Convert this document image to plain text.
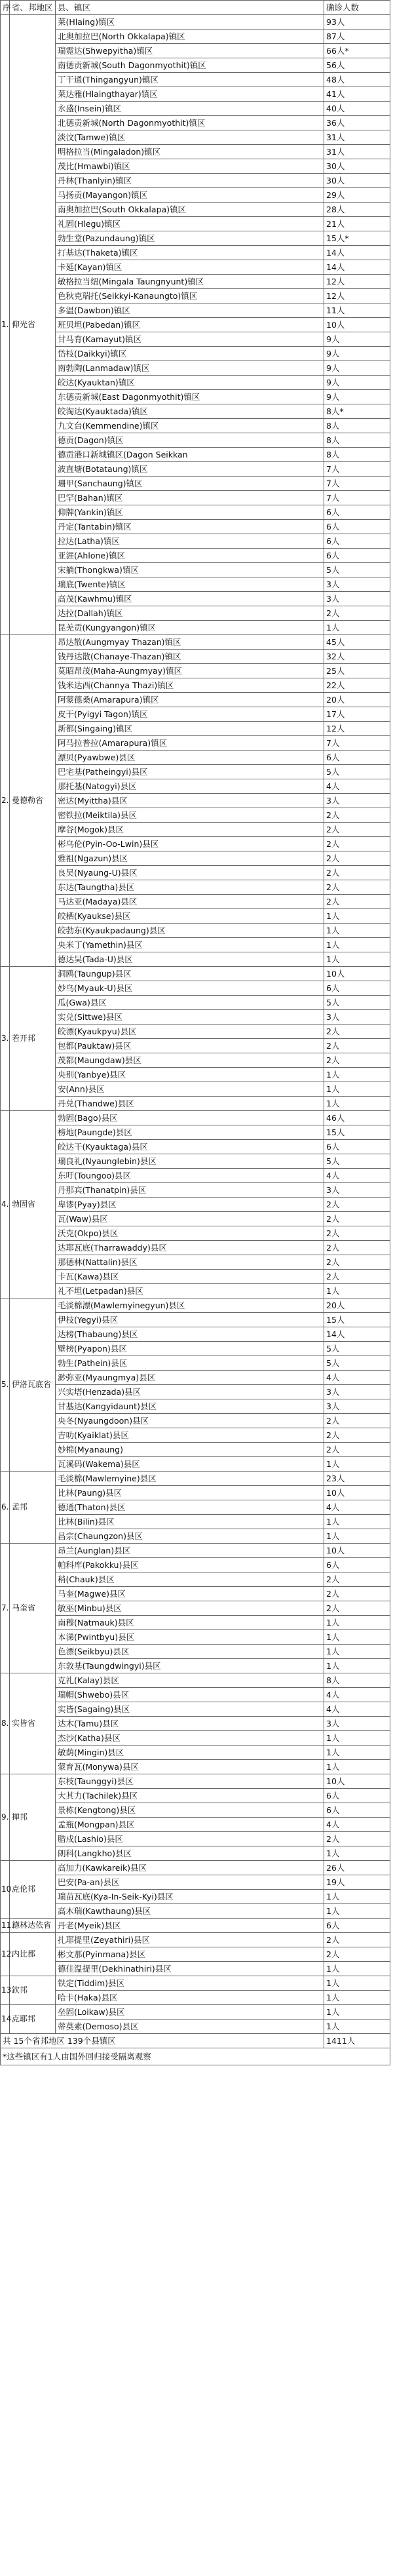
序	省、邦地区	县、镇区	确诊人数
1.	仰光省	莱(Hlaing)镇区	93人
		北奥加拉巴(North Okkalapa)镇区	87人
		瑞霓达(Shwepyitha)镇区	66人*
		南德贡新城(South Dagonmyothit)镇区	56人
		丁干通(Thingangyun)镇区	48人
		莱达雅(Hlaingthayar)镇区	41人
		永盛(Insein)镇区	40人
		北德贡新城(North Dagonmyothit)镇区	36人
		淡汶(Tamwe)镇区	31人
		明格拉当(Mingaladon)镇区	31人
		茂比(Hmawbi)镇区	30人
		丹林(Thanlyin)镇区	30人
		马扬贡(Mayangon)镇区	29人
		南奥加拉巴(South Okkalapa)镇区	28人
		礼固(Hlegu)镇区	21人
		勃生堂(Pazundaung)镇区	15人*
		打基达(Thaketa)镇区	14人
		卡延(Kayan)镇区	14人
		敏格拉当纽(Mingala Taungnyunt)镇区	12人
		色秋克瑞托(Seikkyi-Kanaungto)镇区	12人
		多温(Dawbon)镇区	11人
		班贝坦(Pabedan)镇区	10人
		甘马育(Kamayut)镇区	9人
		岱枝(Daikkyi)镇区	9人
		南勃陶(Lanmadaw)镇区	9人
		皎达(Kyauktan)镇区	9人
		东德贡新城(East Dagonmyothit)镇区	9人
		皎淘达(Kyauktada)镇区	8人*
		九文台(Kemmendine)镇区	8人
		德贡(Dagon)镇区	8人
		德贡港口新城镇区(Dagon Seikkan	8人
		波直塘(Botataung)镇区	7人
		珊甲(Sanchaung)镇区	7人
		巴罕(Bahan)镇区	7人
		仰牌(Yankin)镇区	6人
		丹定(Tantabin)镇区	6人
		拉达(Latha)镇区	6人
		亚涯(Ahlone)镇区	6人
		宋躺(Thongkwa)镇区	5人
		瑞底(Twente)镇区	3人
		高茂(Kawhmu)镇区	3人
		达拉(Dallah)镇区	2人
		昆羌贡(Kungyangon)镇区	1人
2.	曼德勒省	昂达散(Aungmyay Thazan)镇区	45人
		钱丹达散(Chanaye-Thazan)镇区	32人
		莫昭昂茂(Maha-Aungmyay)镇区	25人
		钱米达西(Channya Thazi)镇区	22人
		阿蒙德桑(Amarapura)镇区	20人
		皮干(Pyigyi Tagon)镇区	17人
		新都(Singaing)镇区	12人
		阿马拉普拉(Amarapura)镇区	7人
		漂贝(Pyawbwe)县区	6人
		巴宅基(Patheingyi)县区	5人
		那托基(Natogyi)县区	4人
		密达(Myittha)县区	3人
		密铁拉(Meiktila)县区	2人
		摩谷(Mogok)县区	2人
		彬乌伦(Pyin-Oo-Lwin)县区	2人
		雅祖(Ngazun)县区	2人
		良吴(Nyaung-U)县区	2人
		东达(Taungtha)县区	2人
		马达亚(Madaya)县区	2人
		皎栖(Kyaukse)县区	1人
		皎勃东(Kyaukpadaung)县区	1人
		央米丁(Yamethin)县区	1人
		德达吴(Tada-U)县区	1人
3.	若开邦	洞鸥(Taungup)县区	10人
		妙乌(Myauk-U)县区	6人
		瓜(Gwa)县区	5人
		实兑(Sittwe)县区	3人
		皎漂(Kyaukpyu)县区	2人
		包都(Pauktaw)县区	2人
		茂都(Maungdaw)县区	2人
		央别(Yanbye)县区	1人
		安(Ann)县区	1人
		丹兑(Thandwe)县区	1人
4.	勃固省	勃固(Bago)县区	46人
		榜地(Paungde)县区	15人
		皎达干(Kyauktaga)县区	6人
		瑞良礼(Nyaunglebin)县区	5人
		东吁(Toungoo)县区	4人
		丹那宾(Thanatpin)县区	3人
		卑谬(Pyay)县区	2人
		瓦(Waw)县区	2人
		沃克(Okpo)县区	2人
		达耶瓦底(Tharrawaddy)县区	2人
		那德林(Nattalin)县区	2人
		卡瓦(Kawa)县区	2人
		礼不坦(Letpadan)县区	1人
5.	伊洛瓦底省	毛淡棉漂(Mawlemyinegyun)县区	20人
		伊枝(Yegyi)县区	15人
		达榜(Thabaung)县区	14人
		壁榜(Pyapon)县区	5人
		勃生(Pathein)县区	5人
		渺弥亚(Myaungmya)县区	4人
		兴实塔(Henzada)县区	3人
		甘基达(Kangyidaunt)县区	3人
		央冬(Nyaungdoon)县区	2人
		吉叻(Kyaiklat)县区	2人
		妙棉(Myanaung)	2人
		瓦溪码(Wakema)县区	1人
6.	孟邦	毛淡棉(Mawlemyine)县区	23人
		比林(Paung)县区	10人
		德通(Thaton)县区	4人
		比林(Bilin)县区	1人
		昌宗(Chaungzon)县区	1人
7.	马奎省	昂兰(Aunglan)县区	10人
		帕科库(Pakokku)县区	6人
		稍(Chauk)县区	2人
		马奎(Magwe)县区	2人
		敏巫(Minbu)县区	2人
		南穆(Natmauk)县区	1人
		本涕(Pwintbyu)县区	1人
		色漂(Seikbyu)县区	1人
		东敦基(Taungdwingyi)县区	1人
8.	实皆省	克礼(Kalay)县区	8人
		瑞帽(Shwebo)县区	4人
		实皆(Sagaing)县区	4人
		达木(Tamu)县区	3人
		杰沙(Katha)县区	1人
		敏荫(Mingin)县区	1人
		蒙育瓦(Monywa)县区	1人
9.	掸邦	东枝(Taunggyi)县区	10人
		大其力(Tachilek)县区	6人
		景栋(Kengtong)县区	6人
		孟瓶(Mongpan)县区	4人
		腊戍(Lashio)县区	2人
		朗科(Langkho)县区	1人
10.	克伦邦	高加力(Kawkareik)县区	26人
		巴安(Pa-an)县区	19人
		瑞苗瓦底(Kya-In-Seik-Kyi)县区	1人
		高木瑞(Kawthaung)县区	1人
11.	德林达依省	丹老(Myeik)县区	6人
12.	内比都	扎耶提里(Zeyathiri)县区	2人
		彬文那(Pyinmana)县区	2人
		德佳温提里(Dekhinathiri)县区	1人
13.	钦邦	铁定(Tiddim)县区	1人
		哈卡(Haka)县区	1人
14.	克耶邦	垒固(Loikaw)县区	1人
		蒂莫索(Demoso)县区	1人
共 15个省邦地区 139个县镇区			1411人
*这些镇区有1人由国外回归接受隔离观察			
